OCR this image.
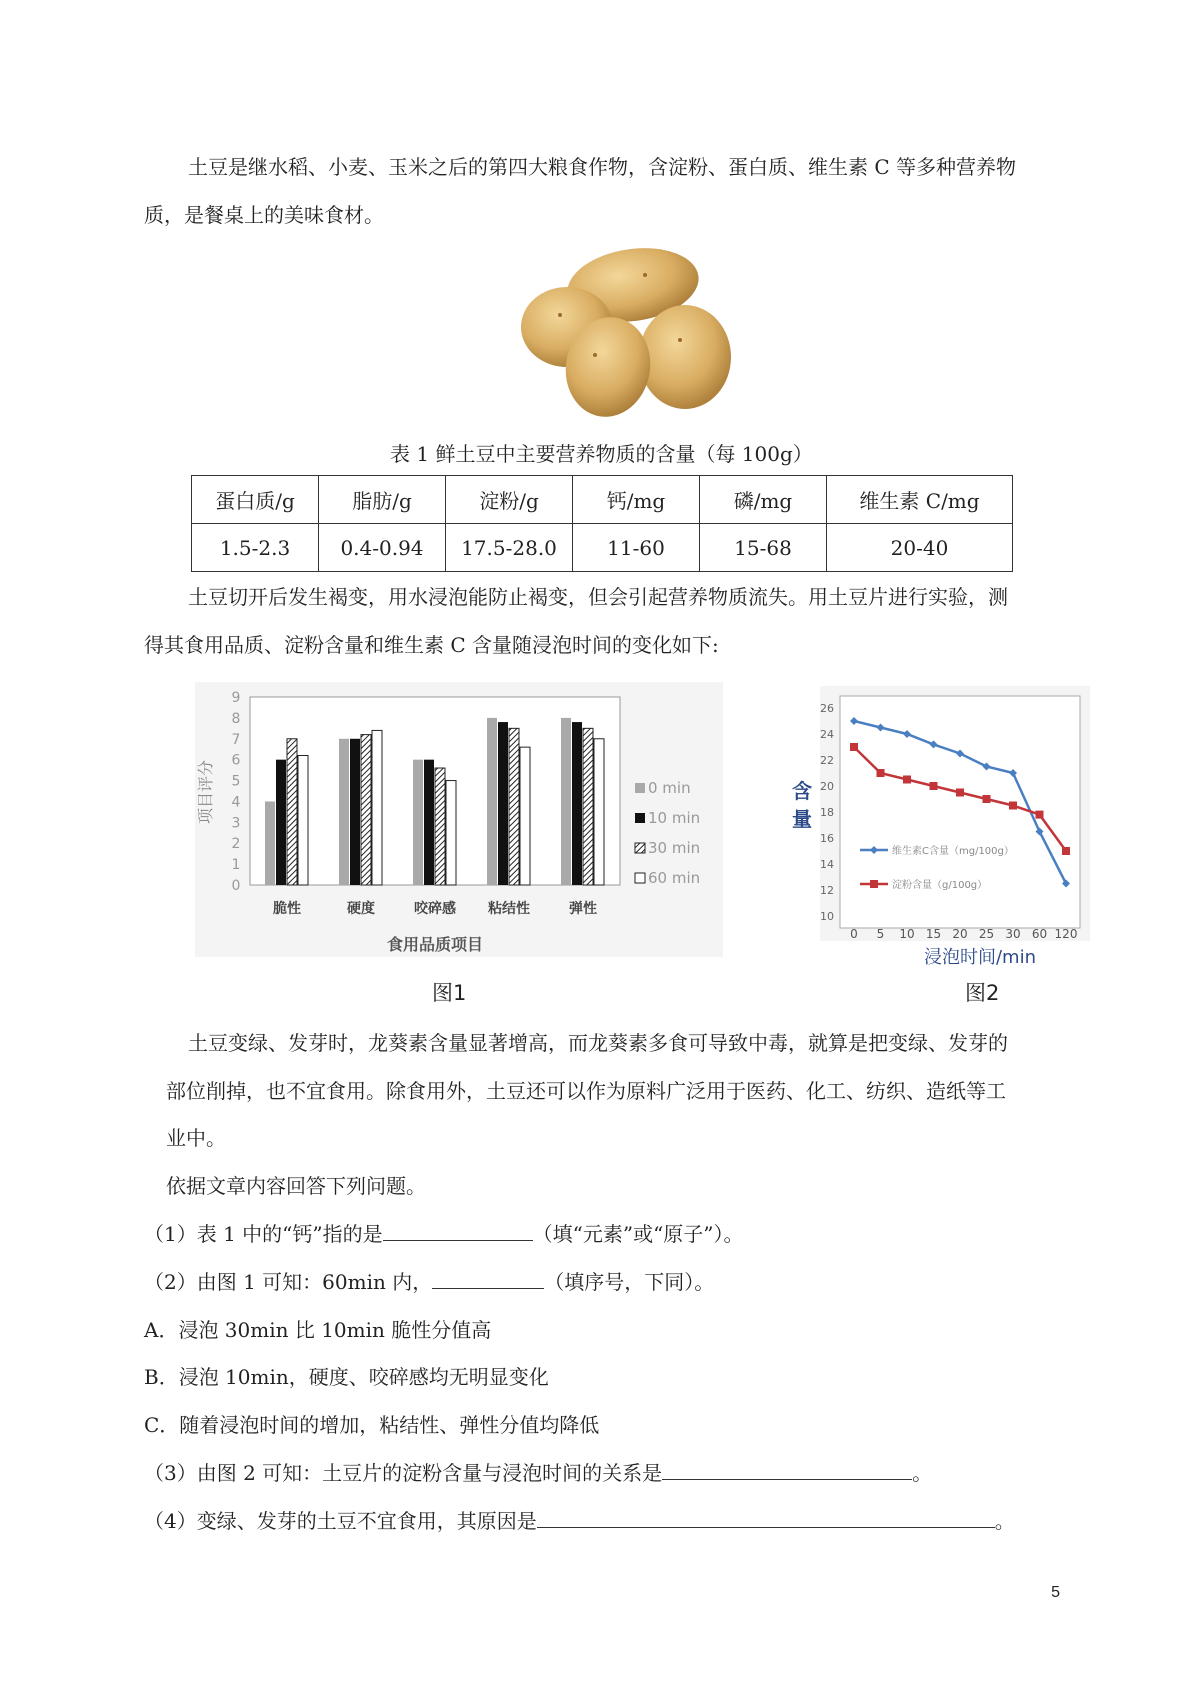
土豆是继水稻、小麦、玉米之后的第四大粮食作物，含淀粉、蛋白质、维生素 C 等多种营养物
质，是餐桌上的美味食材。
表 1 鲜土豆中主要营养物质的含量（每 100g）
蛋白质/g	脂肪/g	淀粉/g	钙/mg	磷/mg	维生素 C/mg
1.5-2.3	0.4-0.94	17.5-28.0	11-60	15-68	20-40
土豆切开后发生褐变，用水浸泡能防止褐变，但会引起营养物质流失。用土豆片进行实验，测
得其食用品质、淀粉含量和维生素 C 含量随浸泡时间的变化如下:
0
1
2
3
4
5
6
7
8
9
脆性	硬度	咬碎感 粘结性	弹性
0 min
10 min
30 min
60 min
项目评分
食用品质项目
图1
10
12
14
16
18
20
22
24
26
0 5 10 15 20 25 30 60 120
维生素C含量（mg/100g）
淀粉含量（g/100g）
含
量
浸泡时间/min
图2
土豆变绿、发芽时，龙葵素含量显著增高，而龙葵素多食可导致中毒，就算是把变绿、发芽的
部位削掉，也不宜食用。除食用外，土豆还可以作为原料广泛用于医药、化工、纺织、造纸等工
业中。
依据文章内容回答下列问题。
（1）表 1 中的“钙”指的是	（填“元素”或“原子”）。
（2）由图 1 可知：60min 内，	（填序号，下同）。
A．浸泡 30min 比 10min 脆性分值高
B．浸泡 10min，硬度、咬碎感均无明显变化
C．随着浸泡时间的增加，粘结性、弹性分值均降低
（3）由图 2 可知：土豆片的淀粉含量与浸泡时间的关系是	。
（4）变绿、发芽的土豆不宜食用，其原因是	。
5
